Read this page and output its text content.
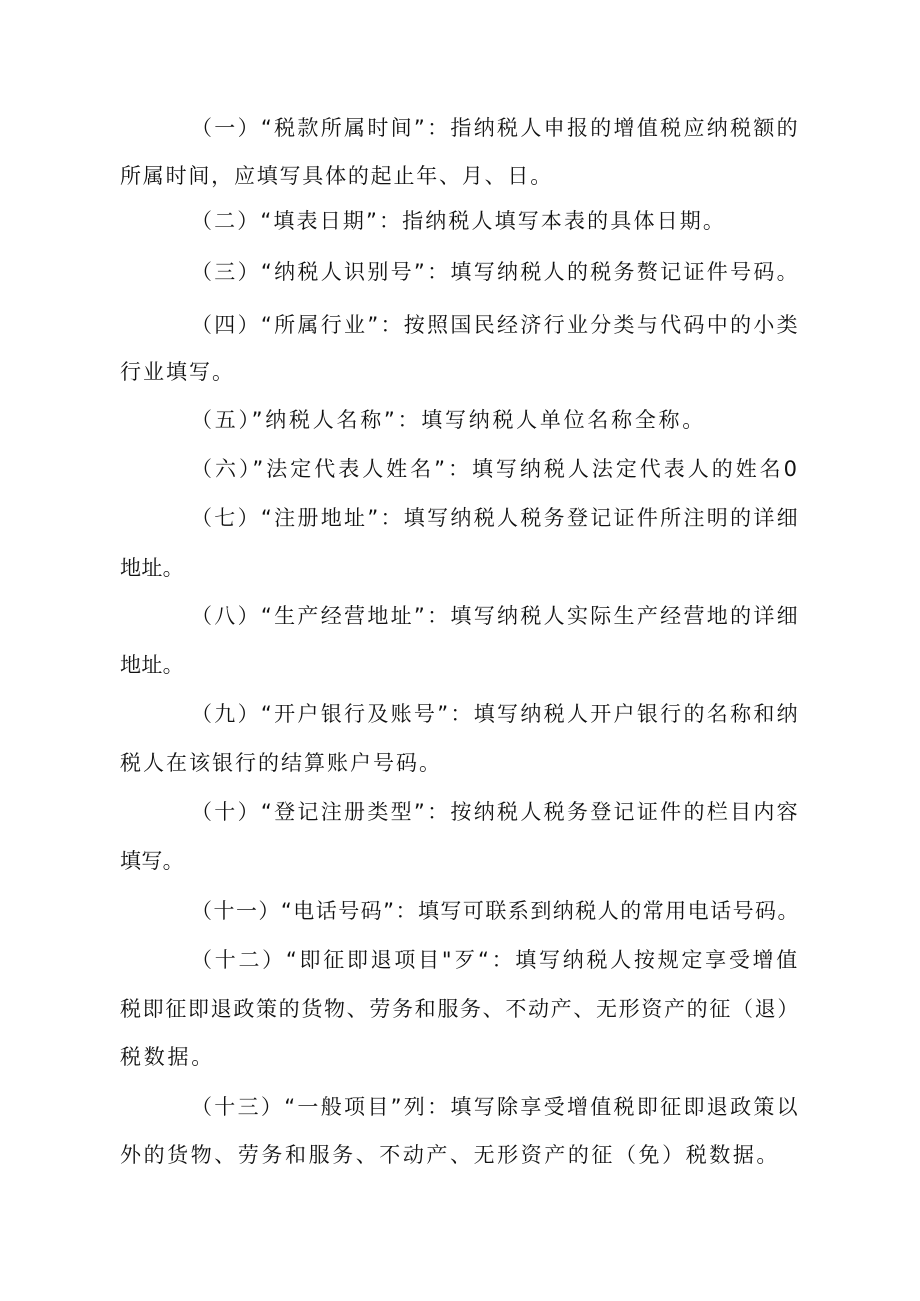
（一）“税款所属时间”：指纳税人申报的增值税应纳税额的

所属时间，应填写具体的起止年、月、日。

（二）“填表日期”：指纳税人填写本表的具体日期。

（三）“纳税人识别号”：填写纳税人的税务赘记证件号码。

（四）“所属行业”：按照国民经济行业分类与代码中的小类

行业填写。

（五）”纳税人名称”：填写纳税人单位名称全称。

（六）”法定代表人姓名”：填写纳税人法定代表人的姓名0

（七）“注册地址”：填写纳税人税务登记证件所注明的详细

地址。

（八）“生产经营地址”：填写纳税人实际生产经营地的详细

地址。

（九）“开户银行及账号”：填写纳税人开户银行的名称和纳

税人在该银行的结算账户号码。

（十）“登记注册类型”：按纳税人税务登记证件的栏目内容

填写。

（十一）“电话号码”：填写可联系到纳税人的常用电话号码。

（十二）“即征即退项目"歹“：填写纳税人按规定享受增值

税即征即退政策的货物、劳务和服务、不动产、无形资产的征（退）

税数据。

（十三）“一般项目”列：填写除享受增值税即征即退政策以

外的货物、劳务和服务、不动产、无形资产的征（免）税数据。
